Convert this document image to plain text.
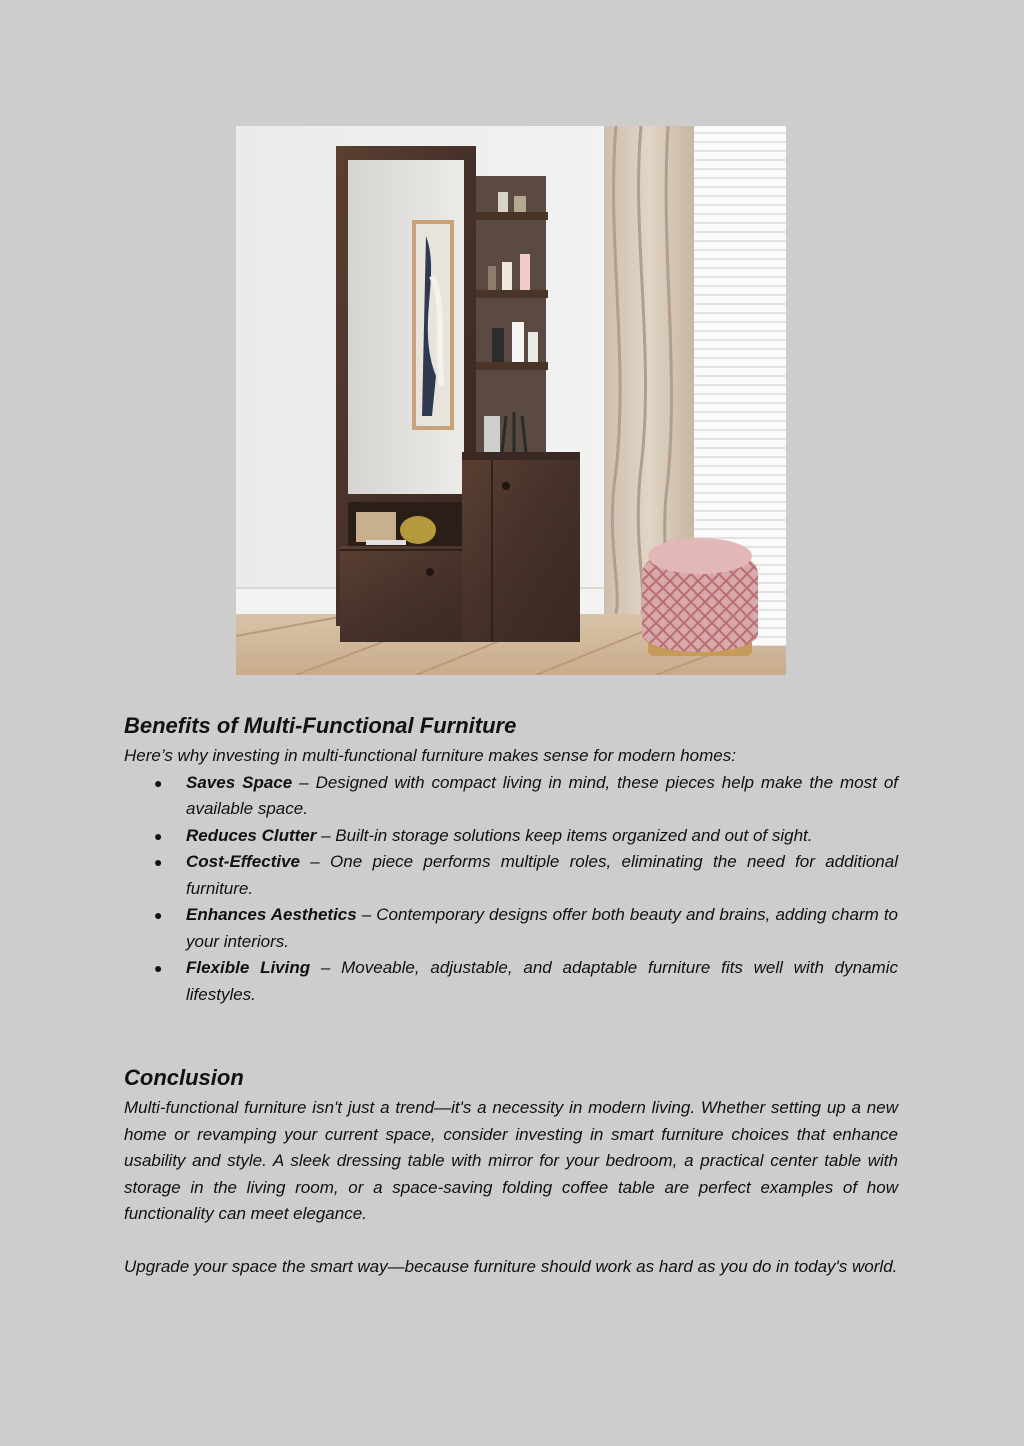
Benefits of Multi-Functional Furniture

Here’s why investing in multi-functional furniture makes sense for modern homes:

● Saves Space – Designed with compact living in mind, these pieces help make the most of available space.
● Reduces Clutter – Built-in storage solutions keep items organized and out of sight.
● Cost-Effective – One piece performs multiple roles, eliminating the need for additional furniture.
● Enhances Aesthetics – Contemporary designs offer both beauty and brains, adding charm to your interiors.
● Flexible Living – Moveable, adjustable, and adaptable furniture fits well with dynamic lifestyles.
Conclusion

Multi-functional furniture isn't just a trend—it's a necessity in modern living. Whether setting up a new home or revamping your current space, consider investing in smart furniture choices that enhance usability and style. A sleek dressing table with mirror for your bedroom, a practical center table with storage in the living room, or a space-saving folding coffee table are perfect examples of how functionality can meet elegance.

Upgrade your space the smart way—because furniture should work as hard as you do in today's world.
